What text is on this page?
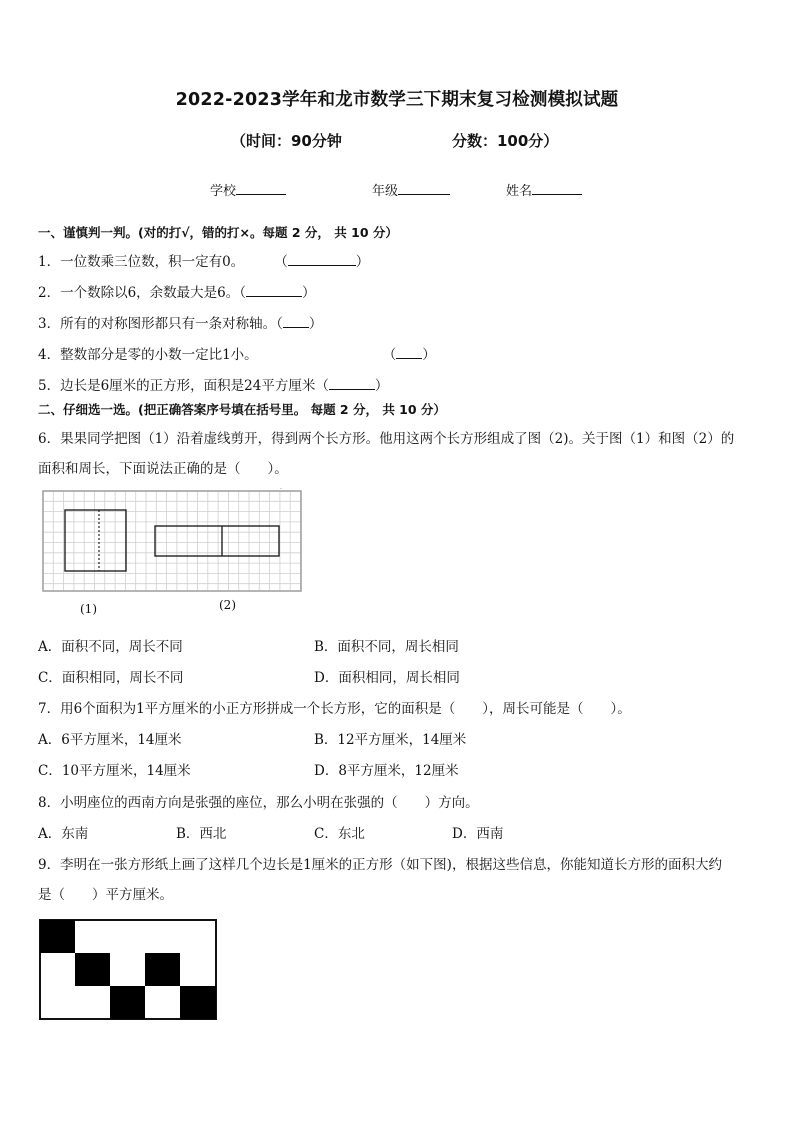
2022-2023学年和龙市数学三下期末复习检测模拟试题
（时间：90分钟	分数：100分）
学校	年级	姓名
一、谨慎判一判。(对的打√，错的打×。每题 2 分， 共 10 分）
1．一位数乘三位数，积一定有0。 （	）
2．一个数除以6，余数最大是6。（	）
3．所有的对称图形都只有一条对称轴。（ ）
4．整数部分是零的小数一定比1小。	（ ）
5．边长是6厘米的正方形，面积是24平方厘米（	）
二、仔细选一选。(把正确答案序号填在括号里。 每题 2 分， 共 10 分）
6．果果同学把图（1）沿着虚线剪开，得到两个长方形。他用这两个长方形组成了图（2)。关于图（1）和图（2）的
面积和周长，下面说法正确的是（　　）。
.
(1)	(2)
A．面积不同，周长不同	B．面积不同，周长相同
C．面积相同，周长不同	D．面积相同，周长相同
7．用6个面积为1平方厘米的小正方形拼成一个长方形，它的面积是（　　），周长可能是（　　）。
A．6平方厘米，14厘米	B．12平方厘米，14厘米
C．10平方厘米，14厘米	D．8平方厘米，12厘米
8．小明座位的西南方向是张强的座位，那么小明在张强的（　　）方向。
A．东南	B．西北	C．东北	D．西南
9．李明在一张方形纸上画了这样几个边长是1厘米的正方形（如下图)，根据这些信息，你能知道长方形的面积大约
是（　　）平方厘米。
